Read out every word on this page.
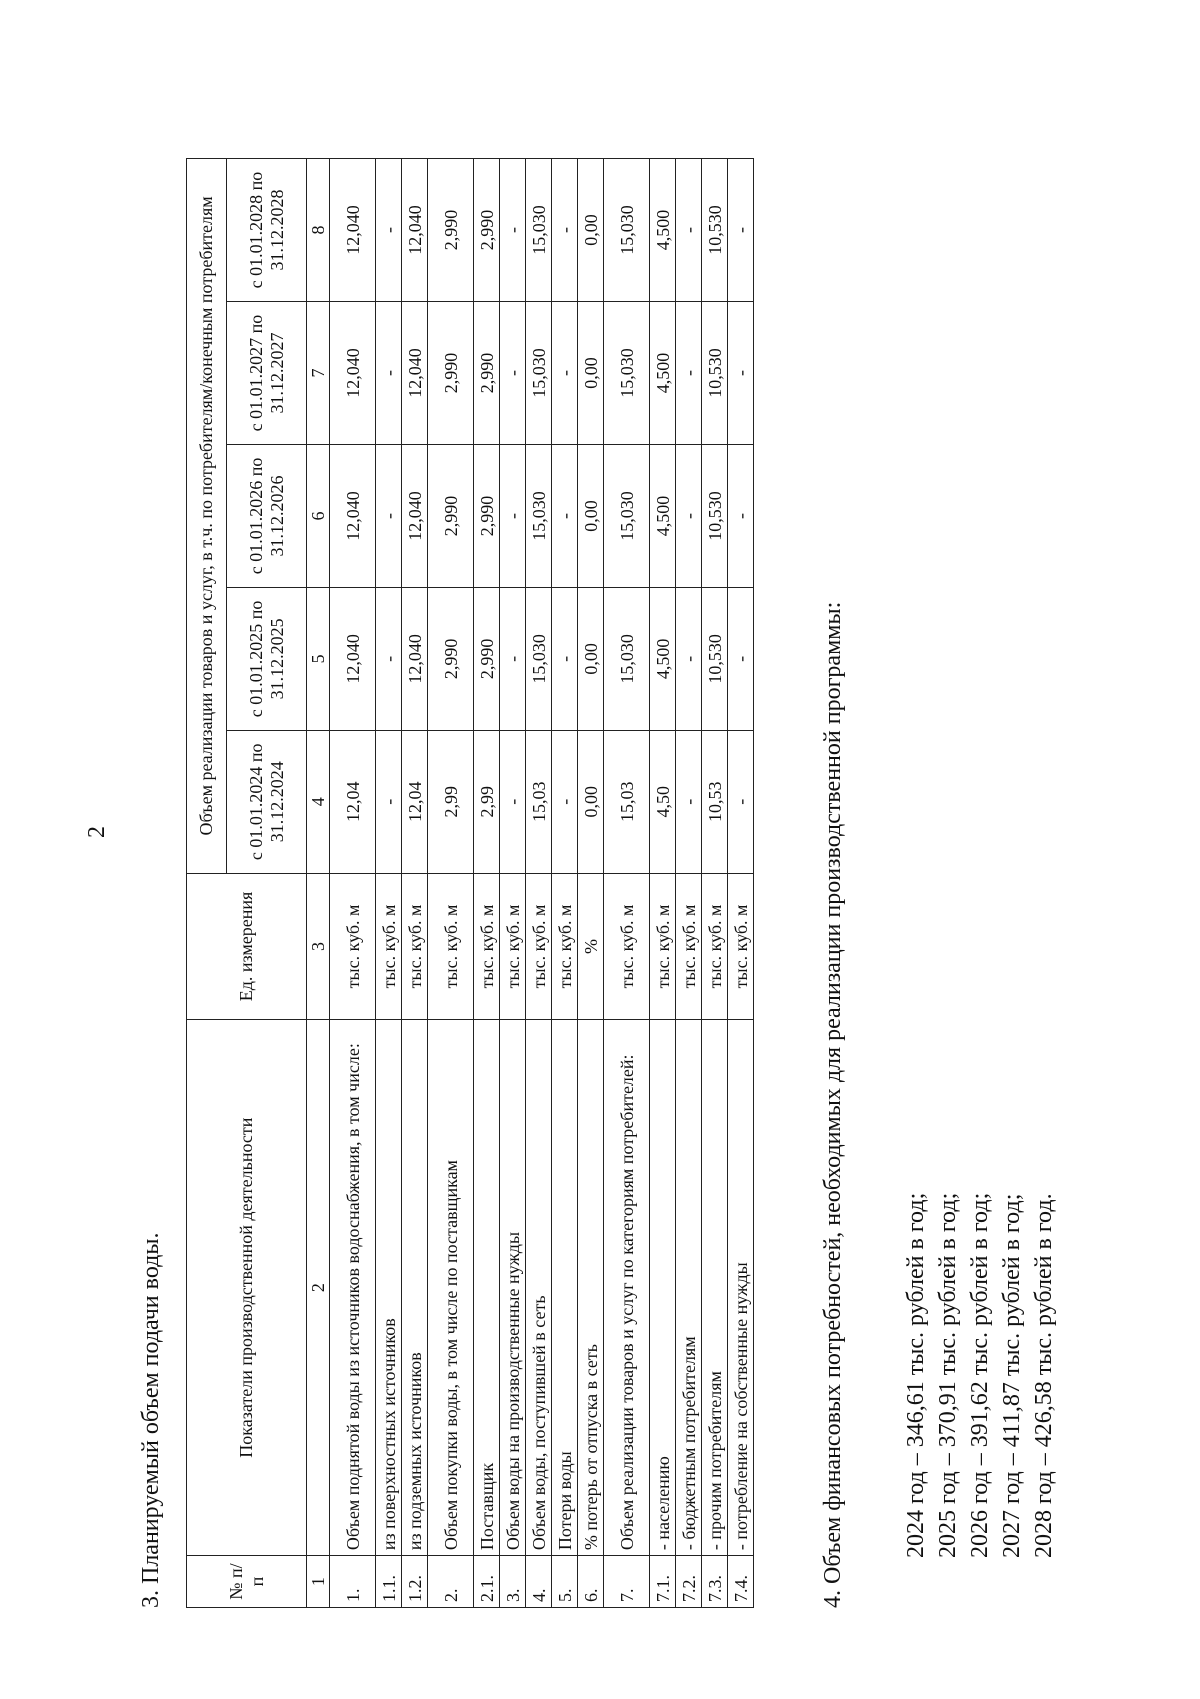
2
3. Планируемый объем подачи воды.	№ п/п	Показатели производственной деятельности	Ед. измерения	Объем реализации товаров и услуг, в т.ч. по потребителям/конечным потребителям				
			с 01.01.2024 по 31.12.2024	с 01.01.2025 по 31.12.2025	с 01.01.2026 по 31.12.2026	с 01.01.2027 по 31.12.2027	с 01.01.2028 по 31.12.2028
1	2	3	4	5	6	7	8
1.	Объем поднятой воды из источников водоснабжения, в том числе:	тыс. куб. м	12,04	12,040	12,040	12,040	12,040
1.1.	из поверхностных источников	тыс. куб. м	-	-	-	-	-
1.2.	из подземных источников	тыс. куб. м	12,04	12,040	12,040	12,040	12,040
2.	Объем покупки воды, в том числе по поставщикам	тыс. куб. м	2,99	2,990	2,990	2,990	2,990
2.1.	Поставщик	тыс. куб. м	2,99	2,990	2,990	2,990	2,990
3.	Объем воды на производственные нужды	тыс. куб. м	-	-	-	-	-
4.	Объем воды, поступившей в сеть	тыс. куб. м	15,03	15,030	15,030	15,030	15,030
5.	Потери воды	тыс. куб. м	-	-	-	-	-
6.	% потерь от отпуска в сеть	%	0,00	0,00	0,00	0,00	0,00
7.	Объем реализации товаров и услуг по категориям потребителей:	тыс. куб. м	15,03	15,030	15,030	15,030	15,030
7.1.	- населению	тыс. куб. м	4,50	4,500	4,500	4,500	4,500
7.2.	- бюджетным потребителям	тыс. куб. м	-	-	-	-	-
7.3.	- прочим потребителям	тыс. куб. м	10,53	10,530	10,530	10,530	10,530
7.4.	- потребление на собственные нужды	тыс. куб. м	-	-	-	-	-
4. Объем финансовых потребностей, необходимых для реализации производственной программы: 2024 год – 346,61 тыс. рублей в год; 2025 год – 370,91 тыс. рублей в год; 2026 год – 391,62 тыс. рублей в год; 2027 год – 411,87 тыс. рублей в год; 2028 год – 426,58 тыс. рублей в год.
